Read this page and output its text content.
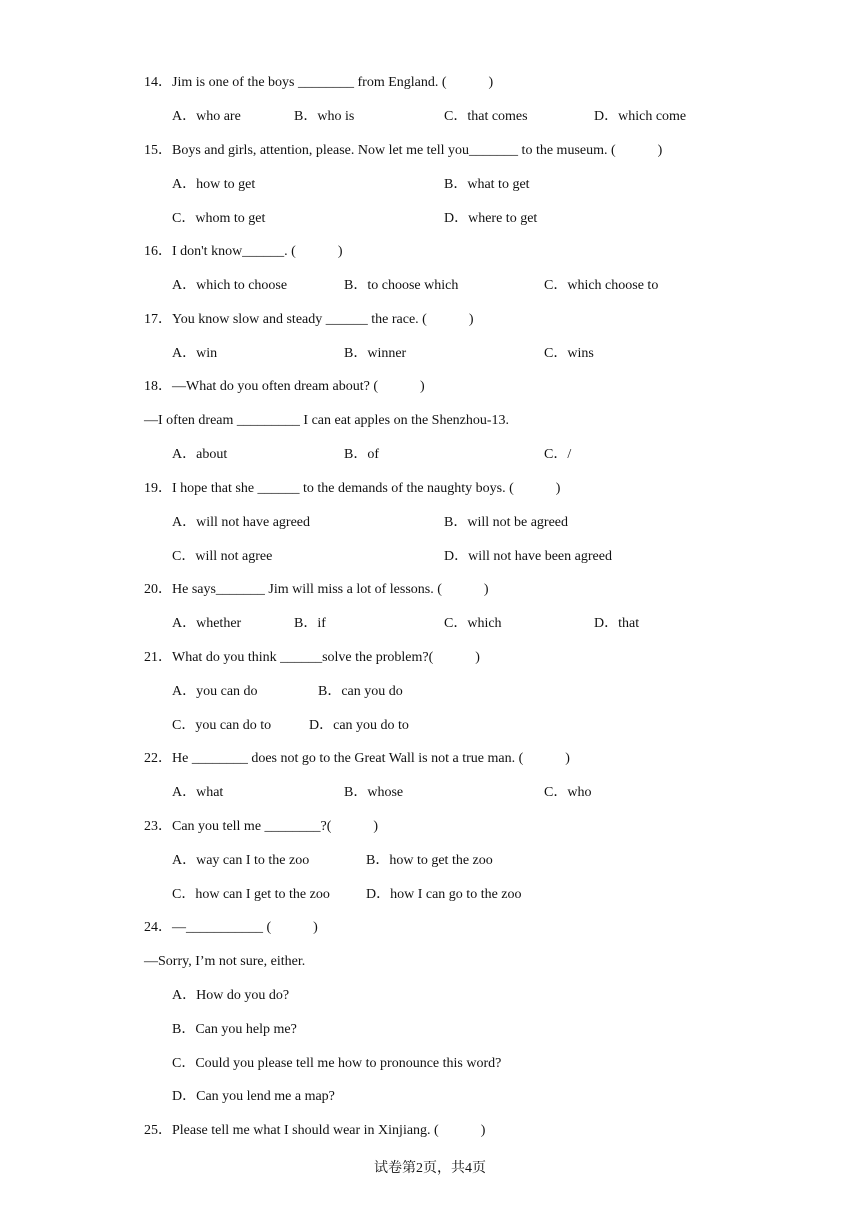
14．Jim is one of the boys ________ from England. (　　　)
A．who are	B．who is	C．that comes	D．which come
15．Boys and girls, attention, please. Now let me tell you_______ to the museum. (　　　)
A．how to get	B．what to get
C．whom to get	D．where to get
16．I don't know______. (　　　)
A．which to choose	B．to choose which	C．which choose to
17．You know slow and steady ______ the race. (　　　)
A．win	B．winner	C．wins
18．—What do you often dream about? (　　　)
—I often dream _________ I can eat apples on the Shenzhou-13.
A．about	B．of	C．/
19．I hope that she ______ to the demands of the naughty boys. (　　　)
A．will not have agreed	B．will not be agreed
C．will not agree	D．will not have been agreed
20．He says_______ Jim will miss a lot of lessons. (　　　)
A．whether	B．if	C．which	D．that
21．What do you think ______solve the problem?(　　　)
A．you can do	B．can you do
C．you can do to	D．can you do to
22．He ________ does not go to the Great Wall is not a true man. (　　　)
A．what	B．whose	C．who
23．Can you tell me ________?(　　　)
A．way can I to the zoo	B．how to get the zoo
C．how can I get to the zoo	D．how I can go to the zoo
24．—___________ (　　　)
—Sorry, I’m not sure, either.
A．How do you do?
B．Can you help me?
C．Could you please tell me how to pronounce this word?
D．Can you lend me a map?
25．Please tell me what I should wear in Xinjiang. (　　　)
试卷第2页，共4页
